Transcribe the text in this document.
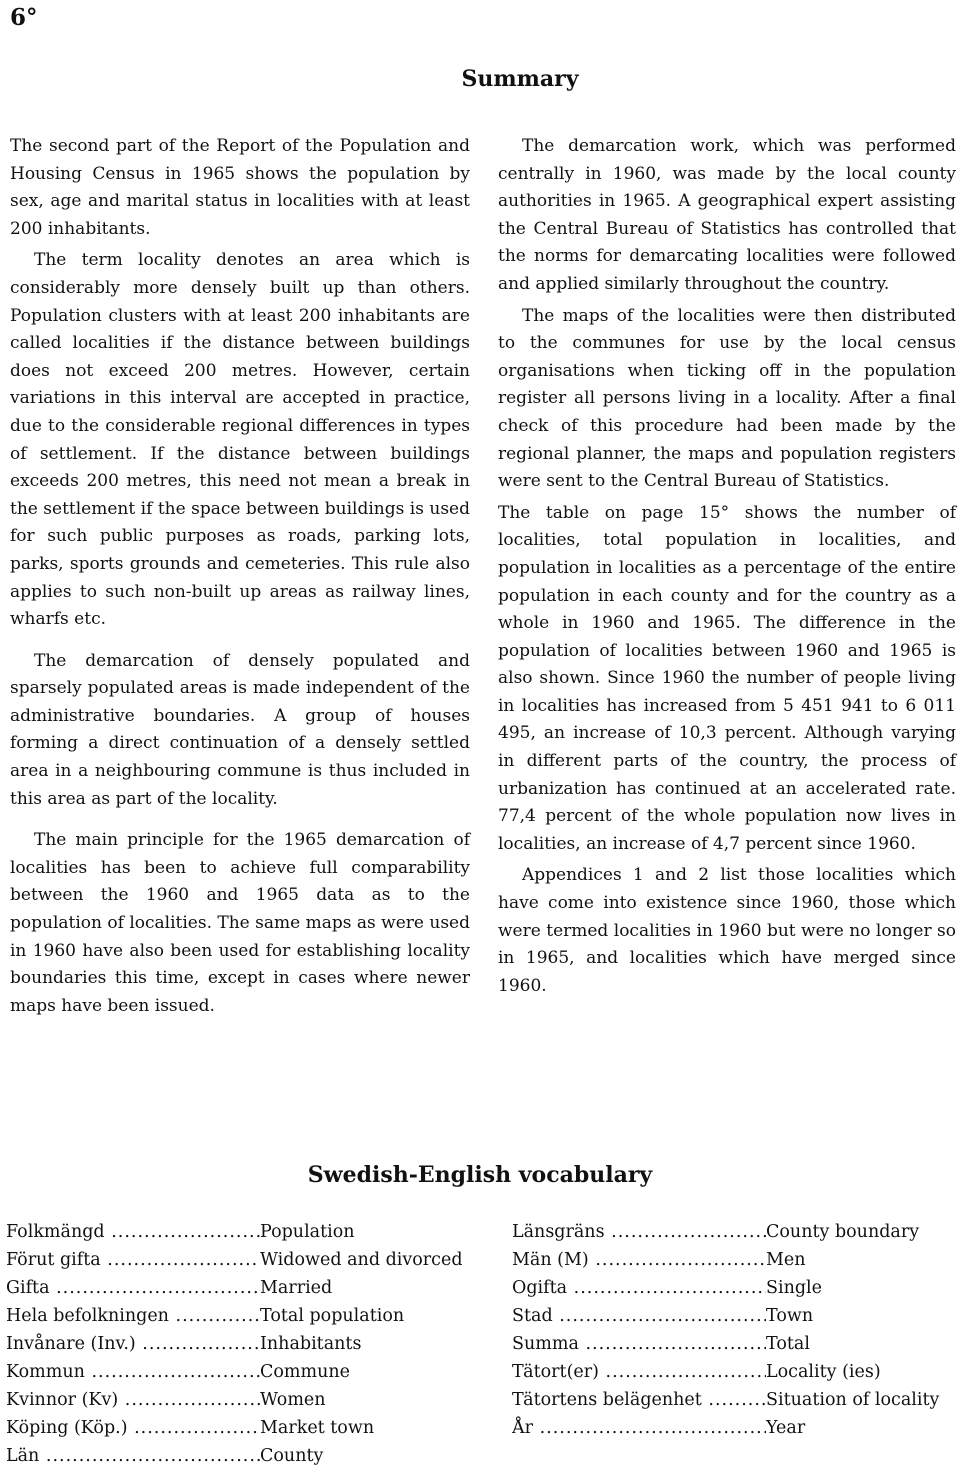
6°
Summary

The second part of the Report of the Population and Housing Census in 1965 shows the population by sex, age and marital status in localities with at least 200 inhabitants.

The term locality denotes an area which is considerably more densely built up than others. Population clusters with at least 200 inhabitants are called localities if the distance between buildings does not exceed 200 metres. However, certain variations in this interval are accepted in practice, due to the considerable regional differences in types of settlement. If the distance between buildings exceeds 200 metres, this need not mean a break in the settlement if the space between buildings is used for such public purposes as roads, parking lots, parks, sports grounds and cemeteries. This rule also applies to such non-built up areas as railway lines, wharfs etc.

The demarcation of densely populated and sparsely populated areas is made independent of the administrative boundaries. A group of houses forming a direct continuation of a densely settled area in a neighbouring commune is thus included in this area as part of the locality.

The main principle for the 1965 demarcation of localities has been to achieve full comparability between the 1960 and 1965 data as to the population of localities. The same maps as were used in 1960 have also been used for establishing locality boundaries this time, except in cases where newer maps have been issued.

The demarcation work, which was performed centrally in 1960, was made by the local county authorities in 1965. A geographical expert assisting the Central Bureau of Statistics has controlled that the norms for demarcating localities were followed and applied similarly throughout the country.

The maps of the localities were then distributed to the communes for use by the local census organisations when ticking off in the population register all persons living in a locality. After a final check of this procedure had been made by the regional planner, the maps and population registers were sent to the Central Bureau of Statistics.

The table on page 15° shows the number of localities, total population in localities, and population in localities as a percentage of the entire population in each county and for the country as a whole in 1960 and 1965. The difference in the population of localities between 1960 and 1965 is also shown. Since 1960 the number of people living in localities has increased from 5 451 941 to 6 011 495, an increase of 10,3 percent. Although varying in different parts of the country, the process of urbanization has continued at an accelerated rate. 77,4 percent of the whole population now lives in localities, an increase of 4,7 percent since 1960.

Appendices 1 and 2 list those localities which have come into existence since 1960, those which were termed localities in 1960 but were no longer so in 1965, and localities which have merged since 1960.

Swedish-English vocabulary
Folkmängd .....	Population
Förut gifta .....	Widowed and divorced
Gifta .....	Married
Hela befolkningen .....	Total population
Invånare (Inv.) .....	Inhabitants
Kommun .....	Commune
Kvinnor (Kv) .....	Women
Köping (Köp.) .....	Market town
Län .....	County
Länsgräns .....	County boundary
Män (M) .....	Men
Ogifta .....	Single
Stad .....	Town
Summa .....	Total
Tätort(er) .....	Locality (ies)
Tätortens belägenhet .....	Situation of locality
År .....	Year
